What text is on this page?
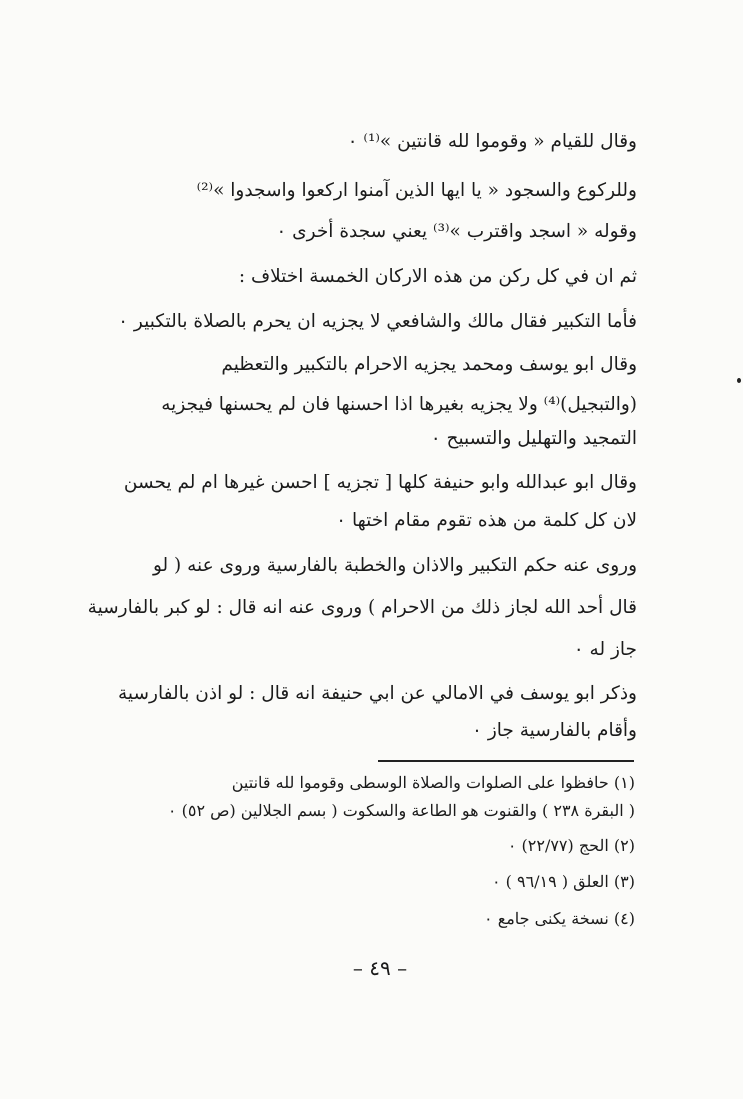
وقال للقيام « وقوموا لله قانتين »⁽¹⁾ ٠
وللركوع والسجود « يا ايها الذين آمنوا اركعوا واسجدوا »⁽²⁾
وقوله « اسجد واقترب »⁽³⁾ يعني سجدة أخرى ٠
ثم ان في كل ركن من هذه الاركان الخمسة اختلاف :
فأما التكبير فقال مالك والشافعي لا يجزيه ان يحرم بالصلاة بالتكبير ٠
وقال ابو يوسف ومحمد يجزيه الاحرام بالتكبير والتعظيم
(والتبجيل)⁽⁴⁾ ولا يجزيه بغيرها اذا احسنها فان لم يحسنها فيجزيه
التمجيد والتهليل والتسبيح ٠
وقال ابو عبدالله وابو حنيفة كلها [ تجزيه ] احسن غيرها ام لم يحسن
لان كل كلمة من هذه تقوم مقام اختها ٠
وروى عنه حكم التكبير والاذان والخطبة بالفارسية وروى عنه ( لو
قال أحد الله لجاز ذلك من الاحرام ) وروى عنه انه قال : لو كبر بالفارسية
جاز له ٠
وذكر ابو يوسف في الامالي عن ابي حنيفة انه قال : لو اذن بالفارسية
وأقام بالفارسية جاز ٠
(١) حافظوا على الصلوات والصلاة الوسطى وقوموا لله قانتين
( البقرة ٢٣٨ ) والقنوت هو الطاعة والسكوت ( بسم الجلالين (ص ٥٢) ٠
(٢) الحج (٢٢/٧٧) ٠
(٣) العلق ( ٩٦/١٩ ) ٠
(٤) نسخة يكنى جامع ٠
– ٤٩ –
